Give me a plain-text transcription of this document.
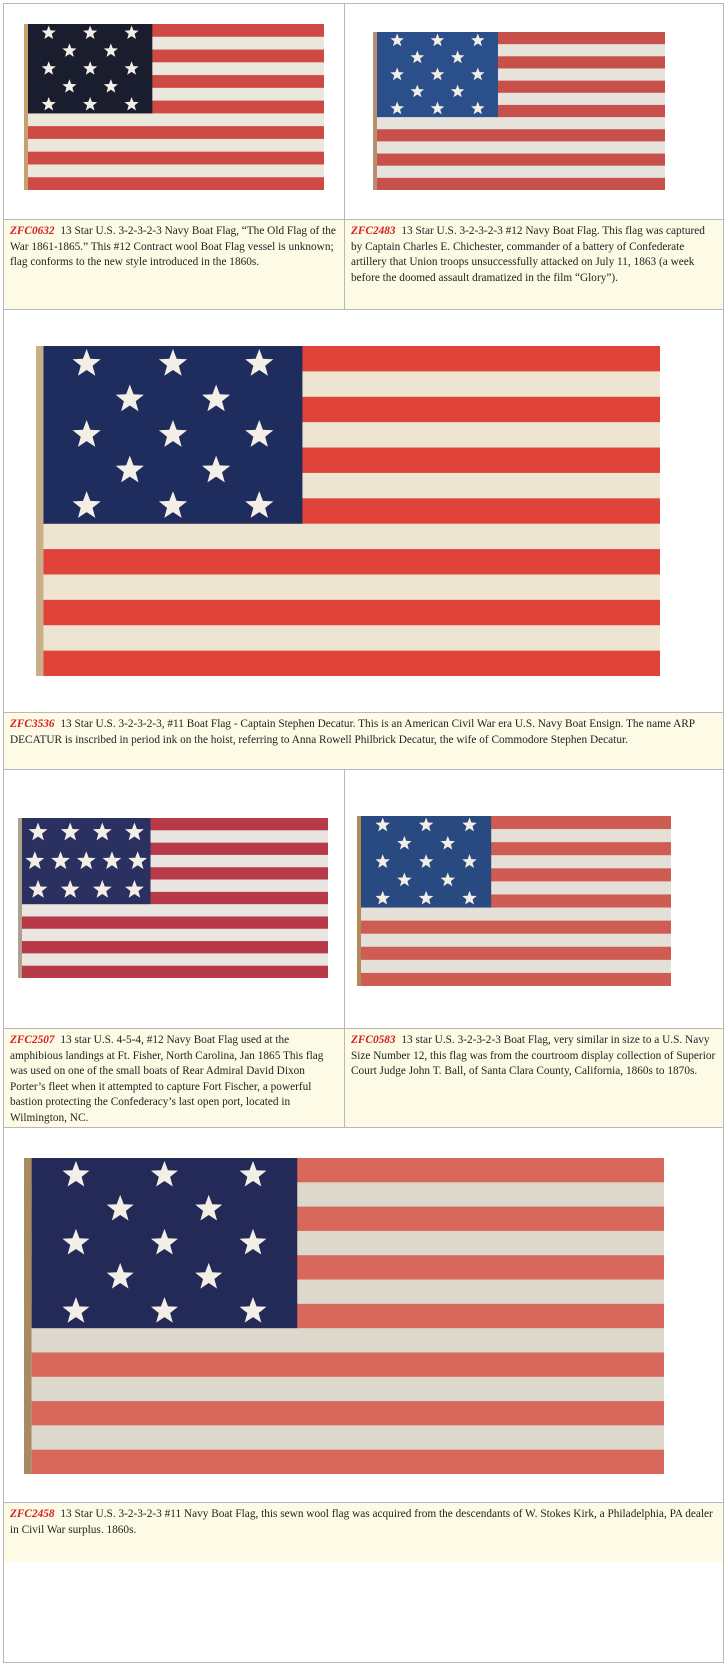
ZFC0632 13 Star U.S. 3-2-3-2-3 Navy Boat Flag, “The Old Flag of the War 1861-1865.” This #12 Contract wool Boat Flag vessel is unknown; flag conforms to the new style introduced in the 1860s.
ZFC2483 13 Star U.S. 3-2-3-2-3 #12 Navy Boat Flag. This flag was captured by Captain Charles E. Chichester, commander of a battery of Confederate artillery that Union troops unsuccessfully attacked on July 11, 1863 (a week before the doomed assault dramatized in the film “Glory”).
ZFC3536 13 Star U.S. 3-2-3-2-3, #11 Boat Flag - Captain Stephen Decatur. This is an American Civil War era U.S. Navy Boat Ensign. The name ARP DECATUR is inscribed in period ink on the hoist, referring to Anna Rowell Philbrick Decatur, the wife of Commodore Stephen Decatur.
ZFC2507 13 star U.S. 4-5-4, #12 Navy Boat Flag used at the amphibious landings at Ft. Fisher, North Carolina, Jan 1865 This flag was used on one of the small boats of Rear Admiral David Dixon Porter’s fleet when it attempted to capture Fort Fischer, a powerful bastion protecting the Confederacy’s last open port, located in Wilmington, NC.
ZFC0583 13 star U.S. 3-2-3-2-3 Boat Flag, very similar in size to a U.S. Navy Size Number 12, this flag was from the courtroom display collection of Superior Court Judge John T. Ball, of Santa Clara County, California, 1860s to 1870s.
ZFC2458 13 Star U.S. 3-2-3-2-3 #11 Navy Boat Flag, this sewn wool flag was acquired from the descendants of W. Stokes Kirk, a Philadelphia, PA dealer in Civil War surplus. 1860s.
